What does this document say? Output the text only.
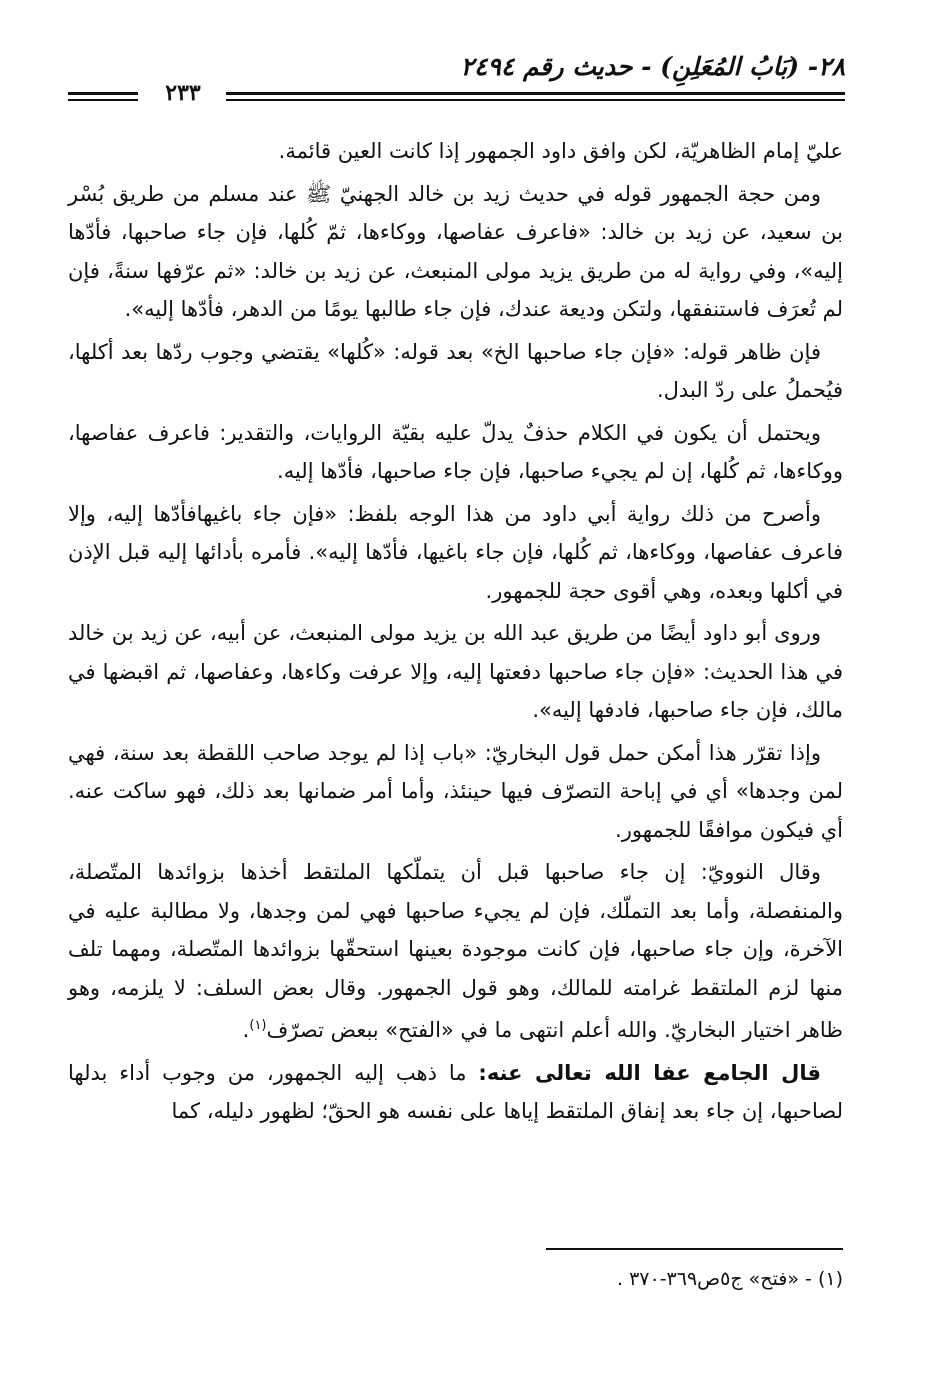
٢٨- (بَابُ المُعَلِنِ) - حديث رقم ٢٤٩٤
٢٣٣

عليّ إمام الظاهريّة، لكن وافق داود الجمهور إذا كانت العين قائمة.

ومن حجة الجمهور قوله في حديث زيد بن خالد الجهنيّ ﷺ عند مسلم من طريق بُسْر بن سعيد، عن زيد بن خالد: «فاعرف عفاصها، ووكاءها، ثمّ كُلها، فإن جاء صاحبها، فأدّها إليه»، وفي رواية له من طريق يزيد مولى المنبعث، عن زيد بن خالد: «ثم عرّفها سنةً، فإن لم تُعرَف فاستنفقها، ولتكن وديعة عندك، فإن جاء طالبها يومًا من الدهر، فأدّها إليه».

فإن ظاهر قوله: «فإن جاء صاحبها الخ» بعد قوله: «كُلها» يقتضي وجوب ردّها بعد أكلها، فيُحملُ على ردّ البدل.

ويحتمل أن يكون في الكلام حذفٌ يدلّ عليه بقيّة الروايات، والتقدير: فاعرف عفاصها، ووكاءها، ثم كُلها، إن لم يجيء صاحبها، فإن جاء صاحبها، فأدّها إليه.

وأصرح من ذلك رواية أبي داود من هذا الوجه بلفظ: «فإن جاء باغيهافأدّها إليه، وإلا فاعرف عفاصها، ووكاءها، ثم كُلها، فإن جاء باغيها، فأدّها إليه». فأمره بأدائها إليه قبل الإذن في أكلها وبعده، وهي أقوى حجة للجمهور.

وروى أبو داود أيضًا من طريق عبد الله بن يزيد مولى المنبعث، عن أبيه، عن زيد بن خالد في هذا الحديث: «فإن جاء صاحبها دفعتها إليه، وإلا عرفت وكاءها، وعفاصها، ثم اقبضها في مالك، فإن جاء صاحبها، فادفها إليه».

وإذا تقرّر هذا أمكن حمل قول البخاريّ: «باب إذا لم يوجد صاحب اللقطة بعد سنة، فهي لمن وجدها» أي في إباحة التصرّف فيها حينئذ، وأما أمر ضمانها بعد ذلك، فهو ساكت عنه. أي فيكون موافقًا للجمهور.

وقال النوويّ: إن جاء صاحبها قبل أن يتملّكها الملتقط أخذها بزوائدها المتّصلة، والمنفصلة، وأما بعد التملّك، فإن لم يجيء صاحبها فهي لمن وجدها، ولا مطالبة عليه في الآخرة، وإن جاء صاحبها، فإن كانت موجودة بعينها استحقّها بزوائدها المتّصلة، ومهما تلف منها لزم الملتقط غرامته للمالك، وهو قول الجمهور. وقال بعض السلف: لا يلزمه، وهو ظاهر اختيار البخاريّ. والله أعلم انتهى ما في «الفتح» ببعض تصرّف$^{(١)}$.

قال الجامع عفا الله تعالى عنه: ما ذهب إليه الجمهور، من وجوب أداء بدلها لصاحبها، إن جاء بعد إنفاق الملتقط إياها على نفسه هو الحقّ؛ لظهور دليله، كما

(١) - «فتح» ج٥ص٣٦٩-٣٧٠ .
